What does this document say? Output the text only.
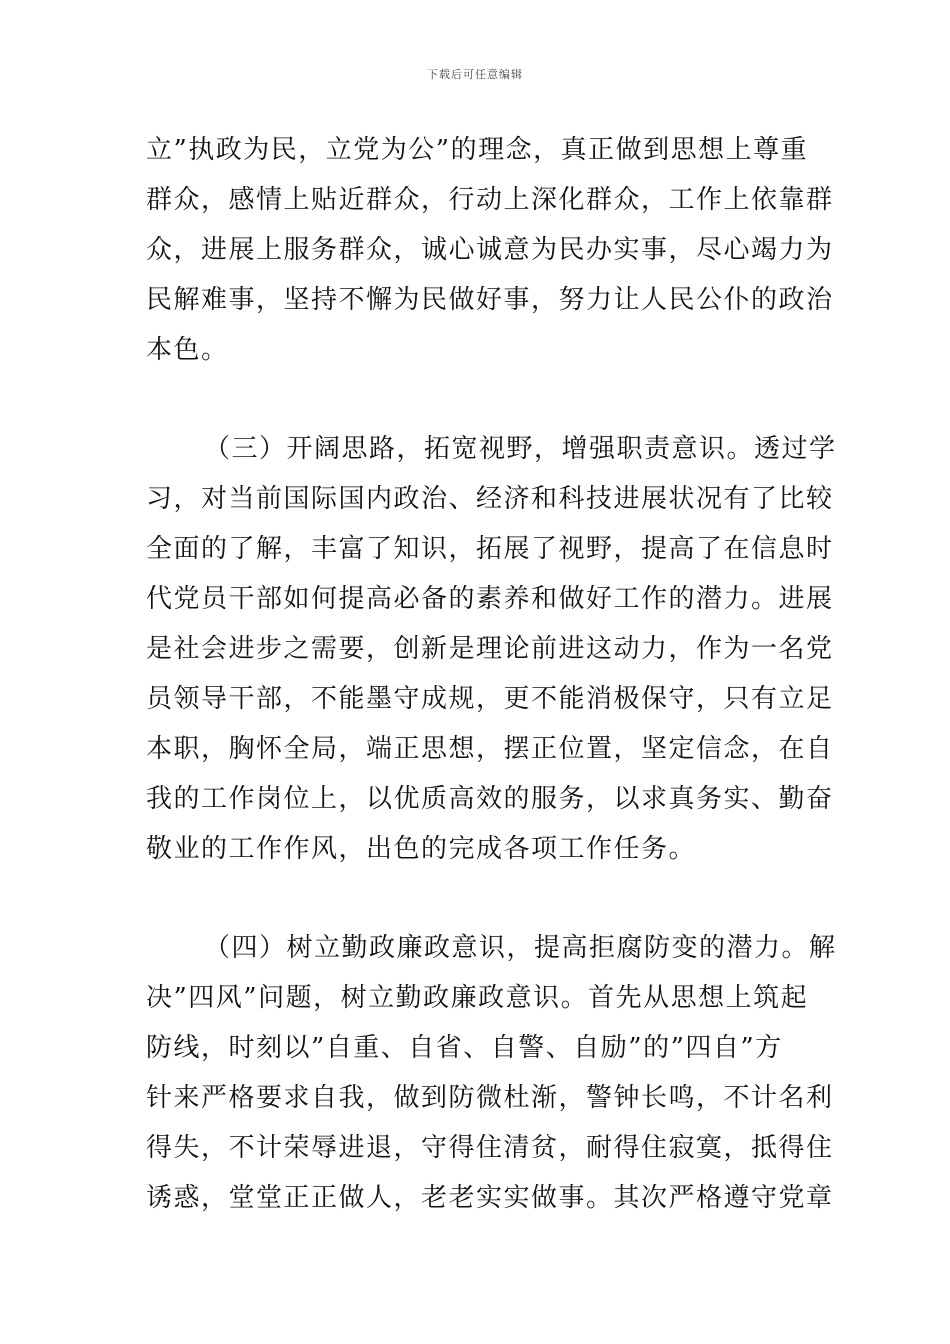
下载后可任意编辑
立”执政为民，立党为公”的理念，真正做到思想上尊重
群众，感情上贴近群众，行动上深化群众，工作上依靠群
众，进展上服务群众，诚心诚意为民办实事，尽心竭力为
民解难事，坚持不懈为民做好事，努力让人民公仆的政治
本色。
（三）开阔思路，拓宽视野，增强职责意识。透过学
习，对当前国际国内政治、经济和科技进展状况有了比较
全面的了解，丰富了知识，拓展了视野，提高了在信息时
代党员干部如何提高必备的素养和做好工作的潜力。进展
是社会进步之需要，创新是理论前进这动力，作为一名党
员领导干部，不能墨守成规，更不能消极保守，只有立足
本职，胸怀全局，端正思想，摆正位置，坚定信念，在自
我的工作岗位上，以优质高效的服务，以求真务实、勤奋
敬业的工作作风，出色的完成各项工作任务。
（四）树立勤政廉政意识，提高拒腐防变的潜力。解
决”四风”问题，树立勤政廉政意识。首先从思想上筑起
防线，时刻以”自重、自省、自警、自励”的”四自”方
针来严格要求自我，做到防微杜渐，警钟长鸣，不计名利
得失，不计荣辱进退，守得住清贫，耐得住寂寞，抵得住
诱惑，堂堂正正做人，老老实实做事。其次严格遵守党章
